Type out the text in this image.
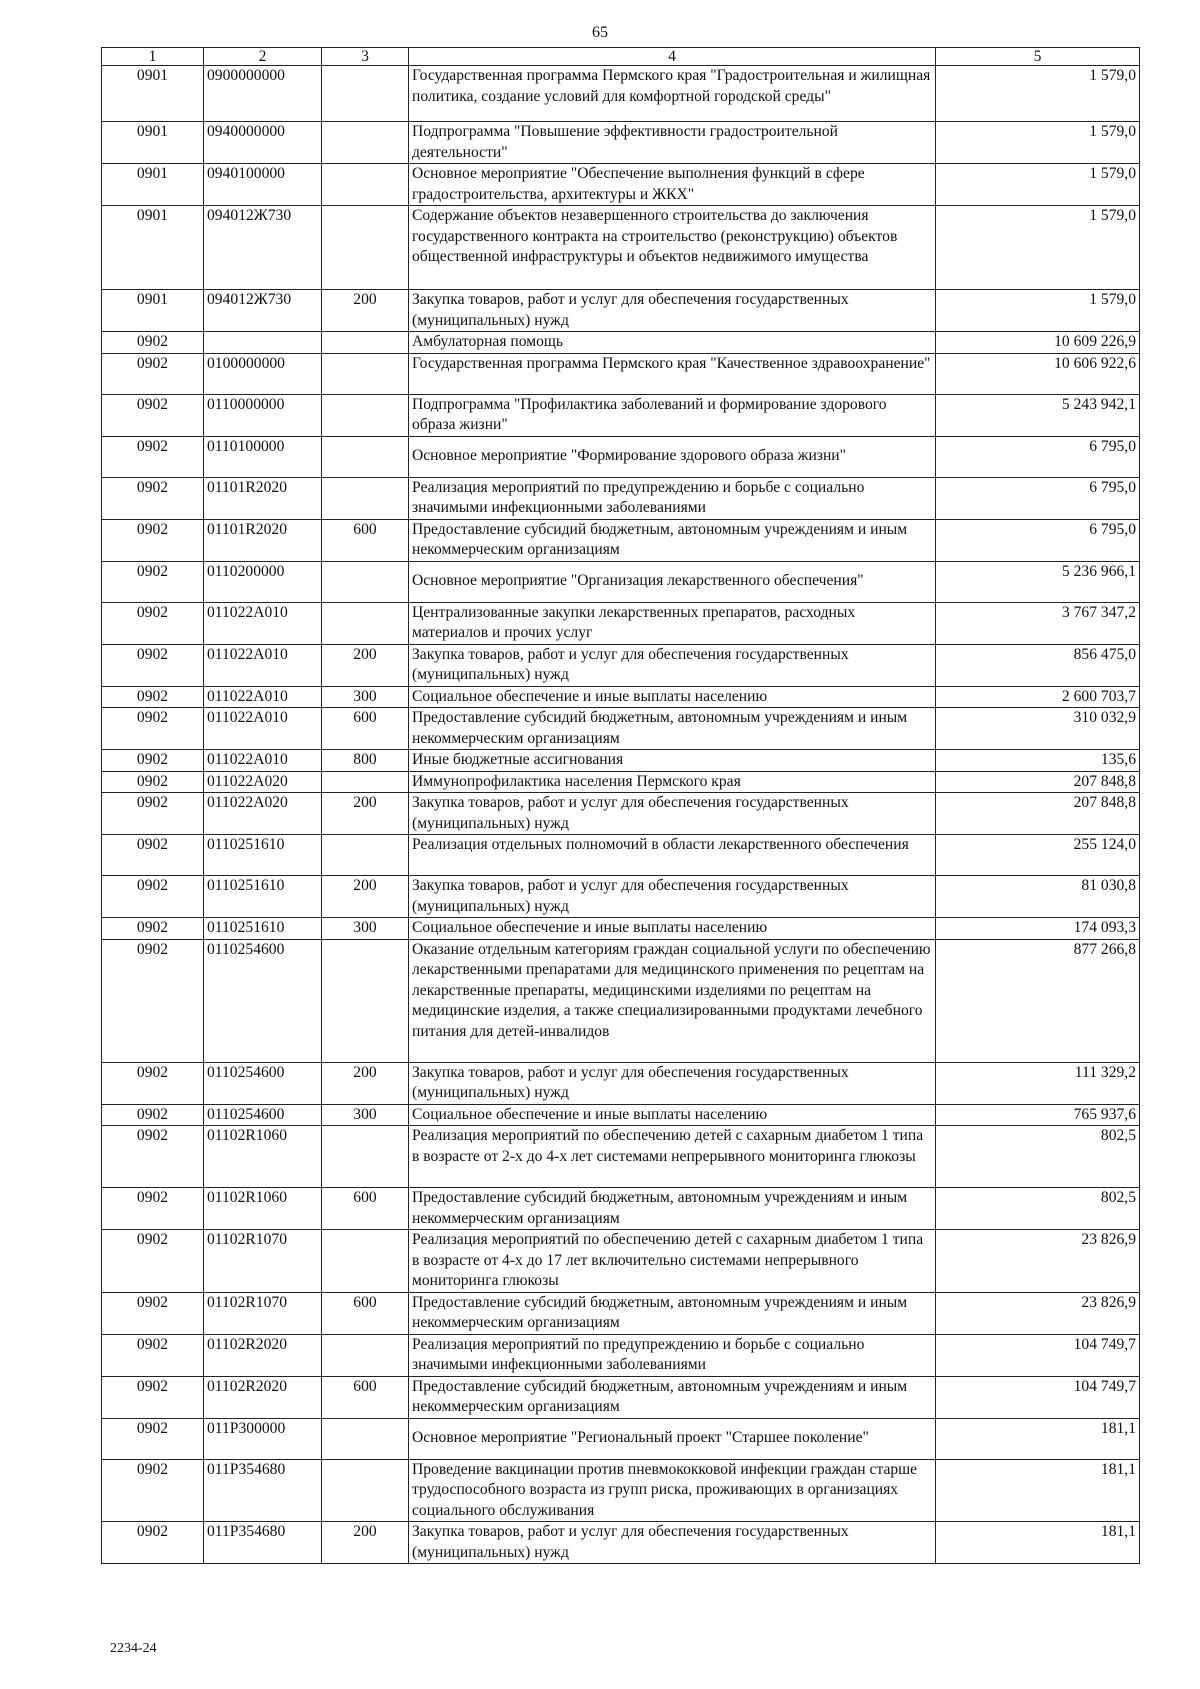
65
1	2	3	4	5
0901	0900000000		Государственная программа Пермского края "Градостроительная и жилищная политика, создание условий для комфортной городской среды"	1 579,0
0901	0940000000		Подпрограмма "Повышение эффективности градостроительной деятельности"	1 579,0
0901	0940100000		Основное мероприятие "Обеспечение выполнения функций в сфере градостроительства, архитектуры и ЖКХ"	1 579,0
0901	094012Ж730		Содержание объектов незавершенного строительства до заключения государственного контракта на строительство (реконструкцию) объектов общественной инфраструктуры и объектов недвижимого имущества	1 579,0
0901	094012Ж730	200	Закупка товаров, работ и услуг для обеспечения государственных (муниципальных) нужд	1 579,0
0902			Амбулаторная помощь	10 609 226,9
0902	0100000000		Государственная программа Пермского края "Качественное здравоохранение"	10 606 922,6
0902	0110000000		Подпрограмма "Профилактика заболеваний и формирование здорового образа жизни"	5 243 942,1
0902	0110100000		Основное мероприятие "Формирование здорового образа жизни"	6 795,0
0902	01101R2020		Реализация мероприятий по предупреждению и борьбе с социально значимыми инфекционными заболеваниями	6 795,0
0902	01101R2020	600	Предоставление субсидий бюджетным, автономным учреждениям и иным некоммерческим организациям	6 795,0
0902	0110200000		Основное мероприятие "Организация лекарственного обеспечения"	5 236 966,1
0902	011022А010		Централизованные закупки лекарственных препаратов, расходных материалов и прочих услуг	3 767 347,2
0902	011022А010	200	Закупка товаров, работ и услуг для обеспечения государственных (муниципальных) нужд	856 475,0
0902	011022А010	300	Социальное обеспечение и иные выплаты населению	2 600 703,7
0902	011022А010	600	Предоставление субсидий бюджетным, автономным учреждениям и иным некоммерческим организациям	310 032,9
0902	011022А010	800	Иные бюджетные ассигнования	135,6
0902	011022А020		Иммунопрофилактика населения Пермского края	207 848,8
0902	011022А020	200	Закупка товаров, работ и услуг для обеспечения государственных (муниципальных) нужд	207 848,8
0902	0110251610		Реализация отдельных полномочий в области лекарственного обеспечения	255 124,0
0902	0110251610	200	Закупка товаров, работ и услуг для обеспечения государственных (муниципальных) нужд	81 030,8
0902	0110251610	300	Социальное обеспечение и иные выплаты населению	174 093,3
0902	0110254600		Оказание отдельным категориям граждан социальной услуги по обеспечению лекарственными препаратами для медицинского применения по рецептам на лекарственные препараты, медицинскими изделиями по рецептам на медицинские изделия, а также специализированными продуктами лечебного питания для детей-инвалидов	877 266,8
0902	0110254600	200	Закупка товаров, работ и услуг для обеспечения государственных (муниципальных) нужд	111 329,2
0902	0110254600	300	Социальное обеспечение и иные выплаты населению	765 937,6
0902	01102R1060		Реализация мероприятий по обеспечению детей с сахарным диабетом 1 типа в возрасте от 2-х до 4-х лет системами непрерывного мониторинга глюкозы	802,5
0902	01102R1060	600	Предоставление субсидий бюджетным, автономным учреждениям и иным некоммерческим организациям	802,5
0902	01102R1070		Реализация мероприятий по обеспечению детей с сахарным диабетом 1 типа в возрасте от 4-х до 17 лет включительно системами непрерывного мониторинга глюкозы	23 826,9
0902	01102R1070	600	Предоставление субсидий бюджетным, автономным учреждениям и иным некоммерческим организациям	23 826,9
0902	01102R2020		Реализация мероприятий по предупреждению и борьбе с социально значимыми инфекционными заболеваниями	104 749,7
0902	01102R2020	600	Предоставление субсидий бюджетным, автономным учреждениям и иным некоммерческим организациям	104 749,7
0902	011P300000		Основное мероприятие "Региональный проект "Старшее поколение"	181,1
0902	011P354680		Проведение вакцинации против пневмококковой инфекции граждан старше трудоспособного возраста из групп риска, проживающих в организациях социального обслуживания	181,1
0902	011P354680	200	Закупка товаров, работ и услуг для обеспечения государственных (муниципальных) нужд	181,1
2234-24
